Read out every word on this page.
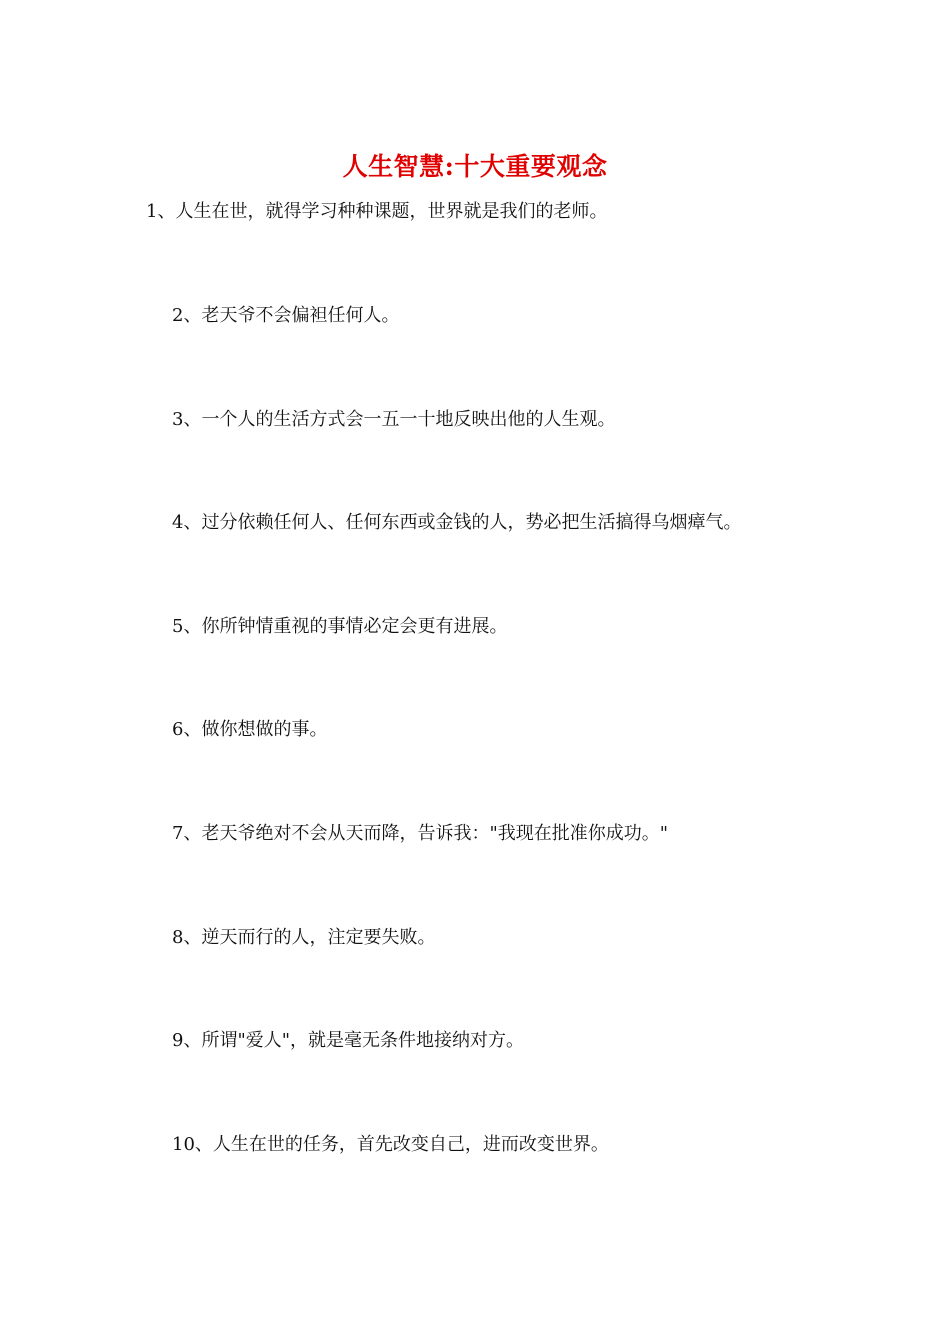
人生智慧:十大重要观念
1、人生在世，就得学习种种课题，世界就是我们的老师。
2、老天爷不会偏袒任何人。
3、一个人的生活方式会一五一十地反映出他的人生观。
4、过分依赖任何人、任何东西或金钱的人，势必把生活搞得乌烟瘴气。
5、你所钟情重视的事情必定会更有进展。
6、做你想做的事。
7、老天爷绝对不会从天而降，告诉我："我现在批准你成功。"
8、逆天而行的人，注定要失败。
9、所谓"爱人"，就是毫无条件地接纳对方。
10、人生在世的任务，首先改变自己，进而改变世界。
